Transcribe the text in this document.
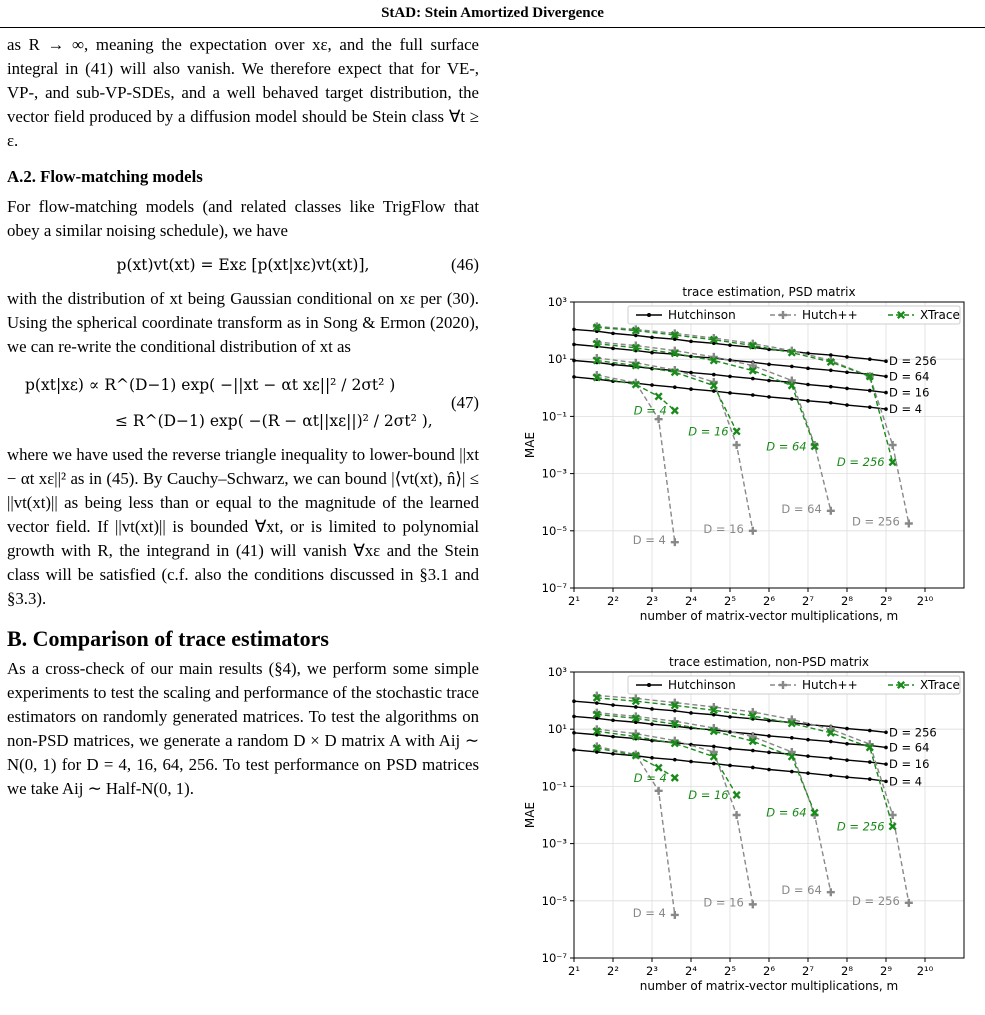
StAD: Stein Amortized Divergence

as R → ∞, meaning the expectation over xε, and the full surface integral in (41) will also vanish. We therefore expect that for VE-, VP-, and sub-VP-SDEs, and a well behaved target distribution, the vector field produced by a diffusion model should be Stein class ∀t ≥ ε.

A.2. Flow-matching models

For flow-matching models (and related classes like TrigFlow that obey a similar noising schedule), we have

p(xt)vt(xt) = Exε [p(xt|xε)vt(xt)],	(46)

with the distribution of xt being Gaussian conditional on xε per (30). Using the spherical coordinate transform as in Song & Ermon (2020), we can re-write the conditional distribution of xt as

p(xt|xε) ∝ R^(D−1) exp( −||xt − αt xε||² / 2σt² )
≤ R^(D−1) exp( −(R − αt||xε||)² / 2σt² ),
(47)

where we have used the reverse triangle inequality to lower-bound ||xt − αt xε||² as in (45). By Cauchy–Schwarz, we can bound |⟨vt(xt), n̂⟩| ≤ ||vt(xt)|| as being less than or equal to the magnitude of the learned vector field. If ||vt(xt)|| is bounded ∀xt, or is limited to polynomial growth with R, the integrand in (41) will vanish ∀xε and the Stein class will be satisfied (c.f. also the conditions discussed in §3.1 and §3.3).

B. Comparison of trace estimators

As a cross-check of our main results (§4), we perform some simple experiments to test the scaling and performance of the stochastic trace estimators on randomly generated matrices. To test the algorithms on non-PSD matrices, we generate a random D × D matrix A with Aij ∼ N(0, 1) for D = 4, 16, 64, 256. To test performance on PSD matrices we take Aij ∼ Half-N(0, 1).

trace estimation, PSD matrix
2¹ 2² 2³ 2⁴ 2⁵ 2⁶ 2⁷ 2⁸ 2⁹ 2¹⁰
10⁻⁷
10⁻⁵
10⁻³
10⁻¹
10¹
10³
number of matrix-vector multiplications, m
MAE
D = 256
D = 64
D = 16
D = 4
D = 4
D = 16
D = 64
D = 256
D = 4
D = 16
D = 64
D = 256
Hutchinson	Hutch++	XTrace

trace estimation, non-PSD matrix
2¹ 2² 2³ 2⁴ 2⁵ 2⁶ 2⁷ 2⁸ 2⁹ 2¹⁰
10⁻⁷
10⁻⁵
10⁻³
10⁻¹
10¹
10³
number of matrix-vector multiplications, m
MAE
D = 256
D = 64
D = 16
D = 4
D = 4
D = 16
D = 64
D = 256
D = 4
D = 16
D = 64
D = 256
Hutchinson	Hutch++	XTrace
